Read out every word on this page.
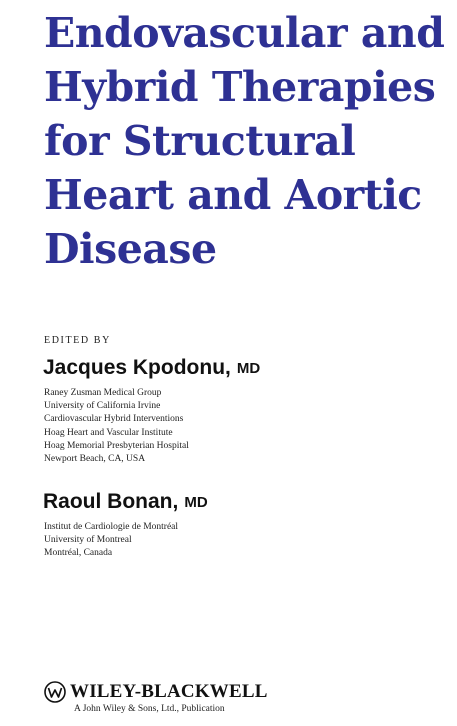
Endovascular and
Hybrid Therapies
for Structural
Heart and Aortic
Disease
EDITED BY
Jacques Kpodonu, MD
Raney Zusman Medical Group
University of California Irvine
Cardiovascular Hybrid Interventions
Hoag Heart and Vascular Institute
Hoag Memorial Presbyterian Hospital
Newport Beach, CA, USA
Raoul Bonan, MD
Institut de Cardiologie de Montréal
University of Montreal
Montréal, Canada
WILEY-BLACKWELL
A John Wiley & Sons, Ltd., Publication
